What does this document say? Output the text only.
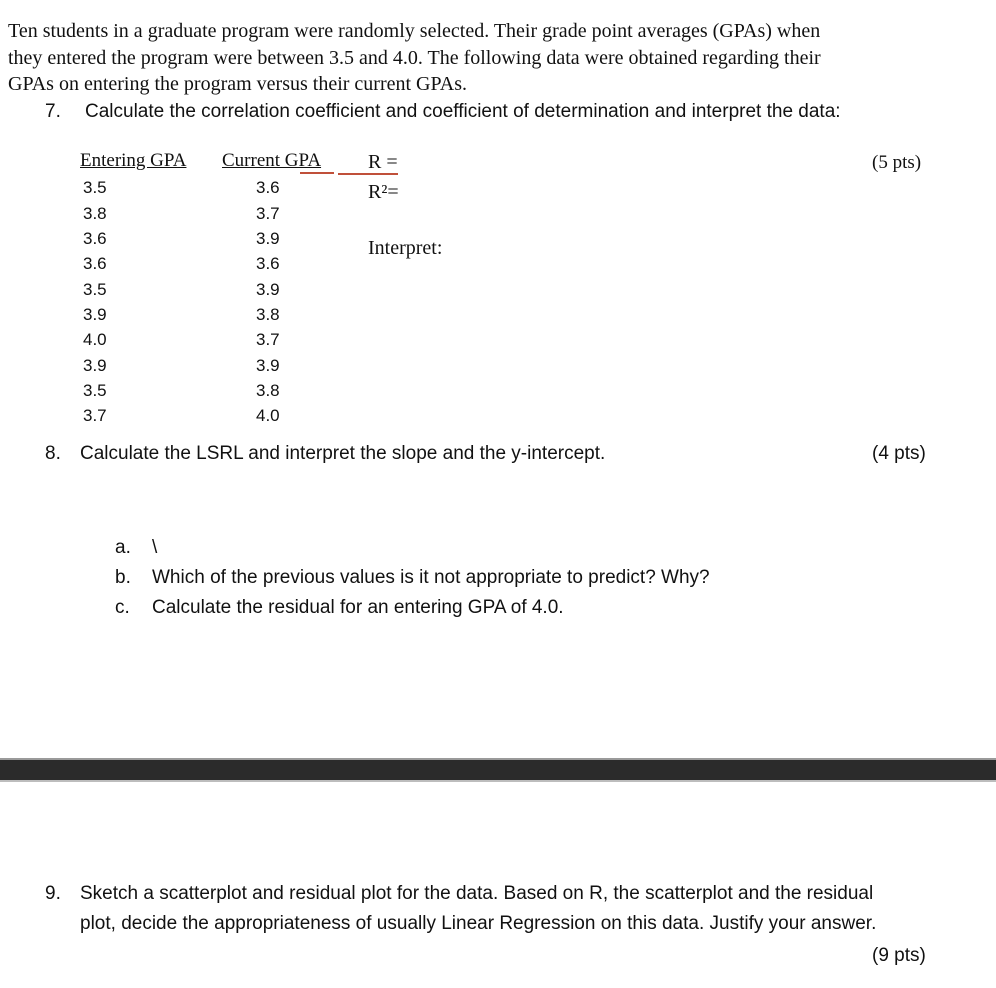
Ten students in a graduate program were randomly selected. Their grade point averages (GPAs) when
they entered the program were between 3.5 and 4.0. The following data were obtained regarding their
GPAs on entering the program versus their current GPAs.
7. Calculate the correlation coefficient and coefficient of determination and interpret the data:
Entering GPA Current GPA
3.5
3.8
3.6
3.6
3.5
3.9
4.0
3.9
3.5
3.7
3.6
3.7
3.9
3.6
3.9
3.8
3.7
3.9
3.8
4.0
R =
R²=
Interpret:
(5 pts)
8. Calculate the LSRL and interpret the slope and the y-intercept.	(4 pts)
a. \
b. Which of the previous values is it not appropriate to predict? Why?
c. Calculate the residual for an entering GPA of 4.0.
9. Sketch a scatterplot and residual plot for the data. Based on R, the scatterplot and the residual
plot, decide the appropriateness of usually Linear Regression on this data. Justify your answer.
(9 pts)
